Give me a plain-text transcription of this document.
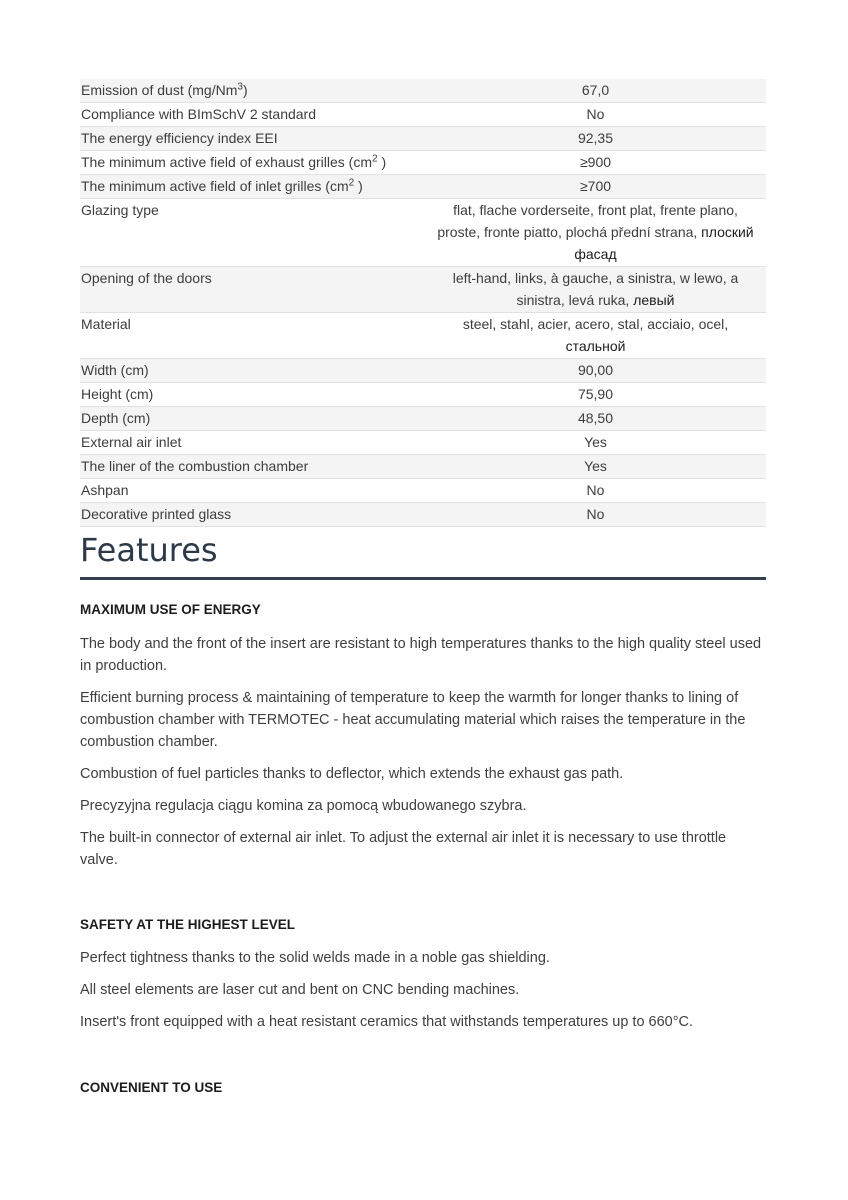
Emission of dust (mg/Nm$^3$)	67,0
Compliance with BImSchV 2 standard	No
The energy efficiency index EEI	92,35
The minimum active field of exhaust grilles ($cm^2$ )	≥900
The minimum active field of inlet grilles ($cm^2$ )	≥700
Glazing type	flat, flache vorderseite, front plat, frente plano, proste, fronte piatto, plochá přední strana, плоский фасад
Opening of the doors	left-hand, links, à gauche, a sinistra, w lewo, a sinistra, levá ruka, левый
Material	steel, stahl, acier, acero, stal, acciaio, ocel, стальной
Width (cm)	90,00
Height (cm)	75,90
Depth (cm)	48,50
External air inlet	Yes
The liner of the combustion chamber	Yes
Ashpan	No
Decorative printed glass	No
Features

MAXIMUM USE OF ENERGY

The body and the front of the insert are resistant to high temperatures thanks to the high quality steel used in production.

Efficient burning process & maintaining of temperature to keep the warmth for longer thanks to lining of combustion chamber with TERMOTEC - heat accumulating material which raises the temperature in the combustion chamber.

Combustion of fuel particles thanks to deflector, which extends the exhaust gas path.

Precyzyjna regulacja ciągu komina za pomocą wbudowanego szybra.

The built-in connector of external air inlet. To adjust the external air inlet it is necessary to use throttle valve.

SAFETY AT THE HIGHEST LEVEL

Perfect tightness thanks to the solid welds made in a noble gas shielding.

All steel elements are laser cut and bent on CNC bending machines.

Insert's front equipped with a heat resistant ceramics that withstands temperatures up to 660°C.

CONVENIENT TO USE
